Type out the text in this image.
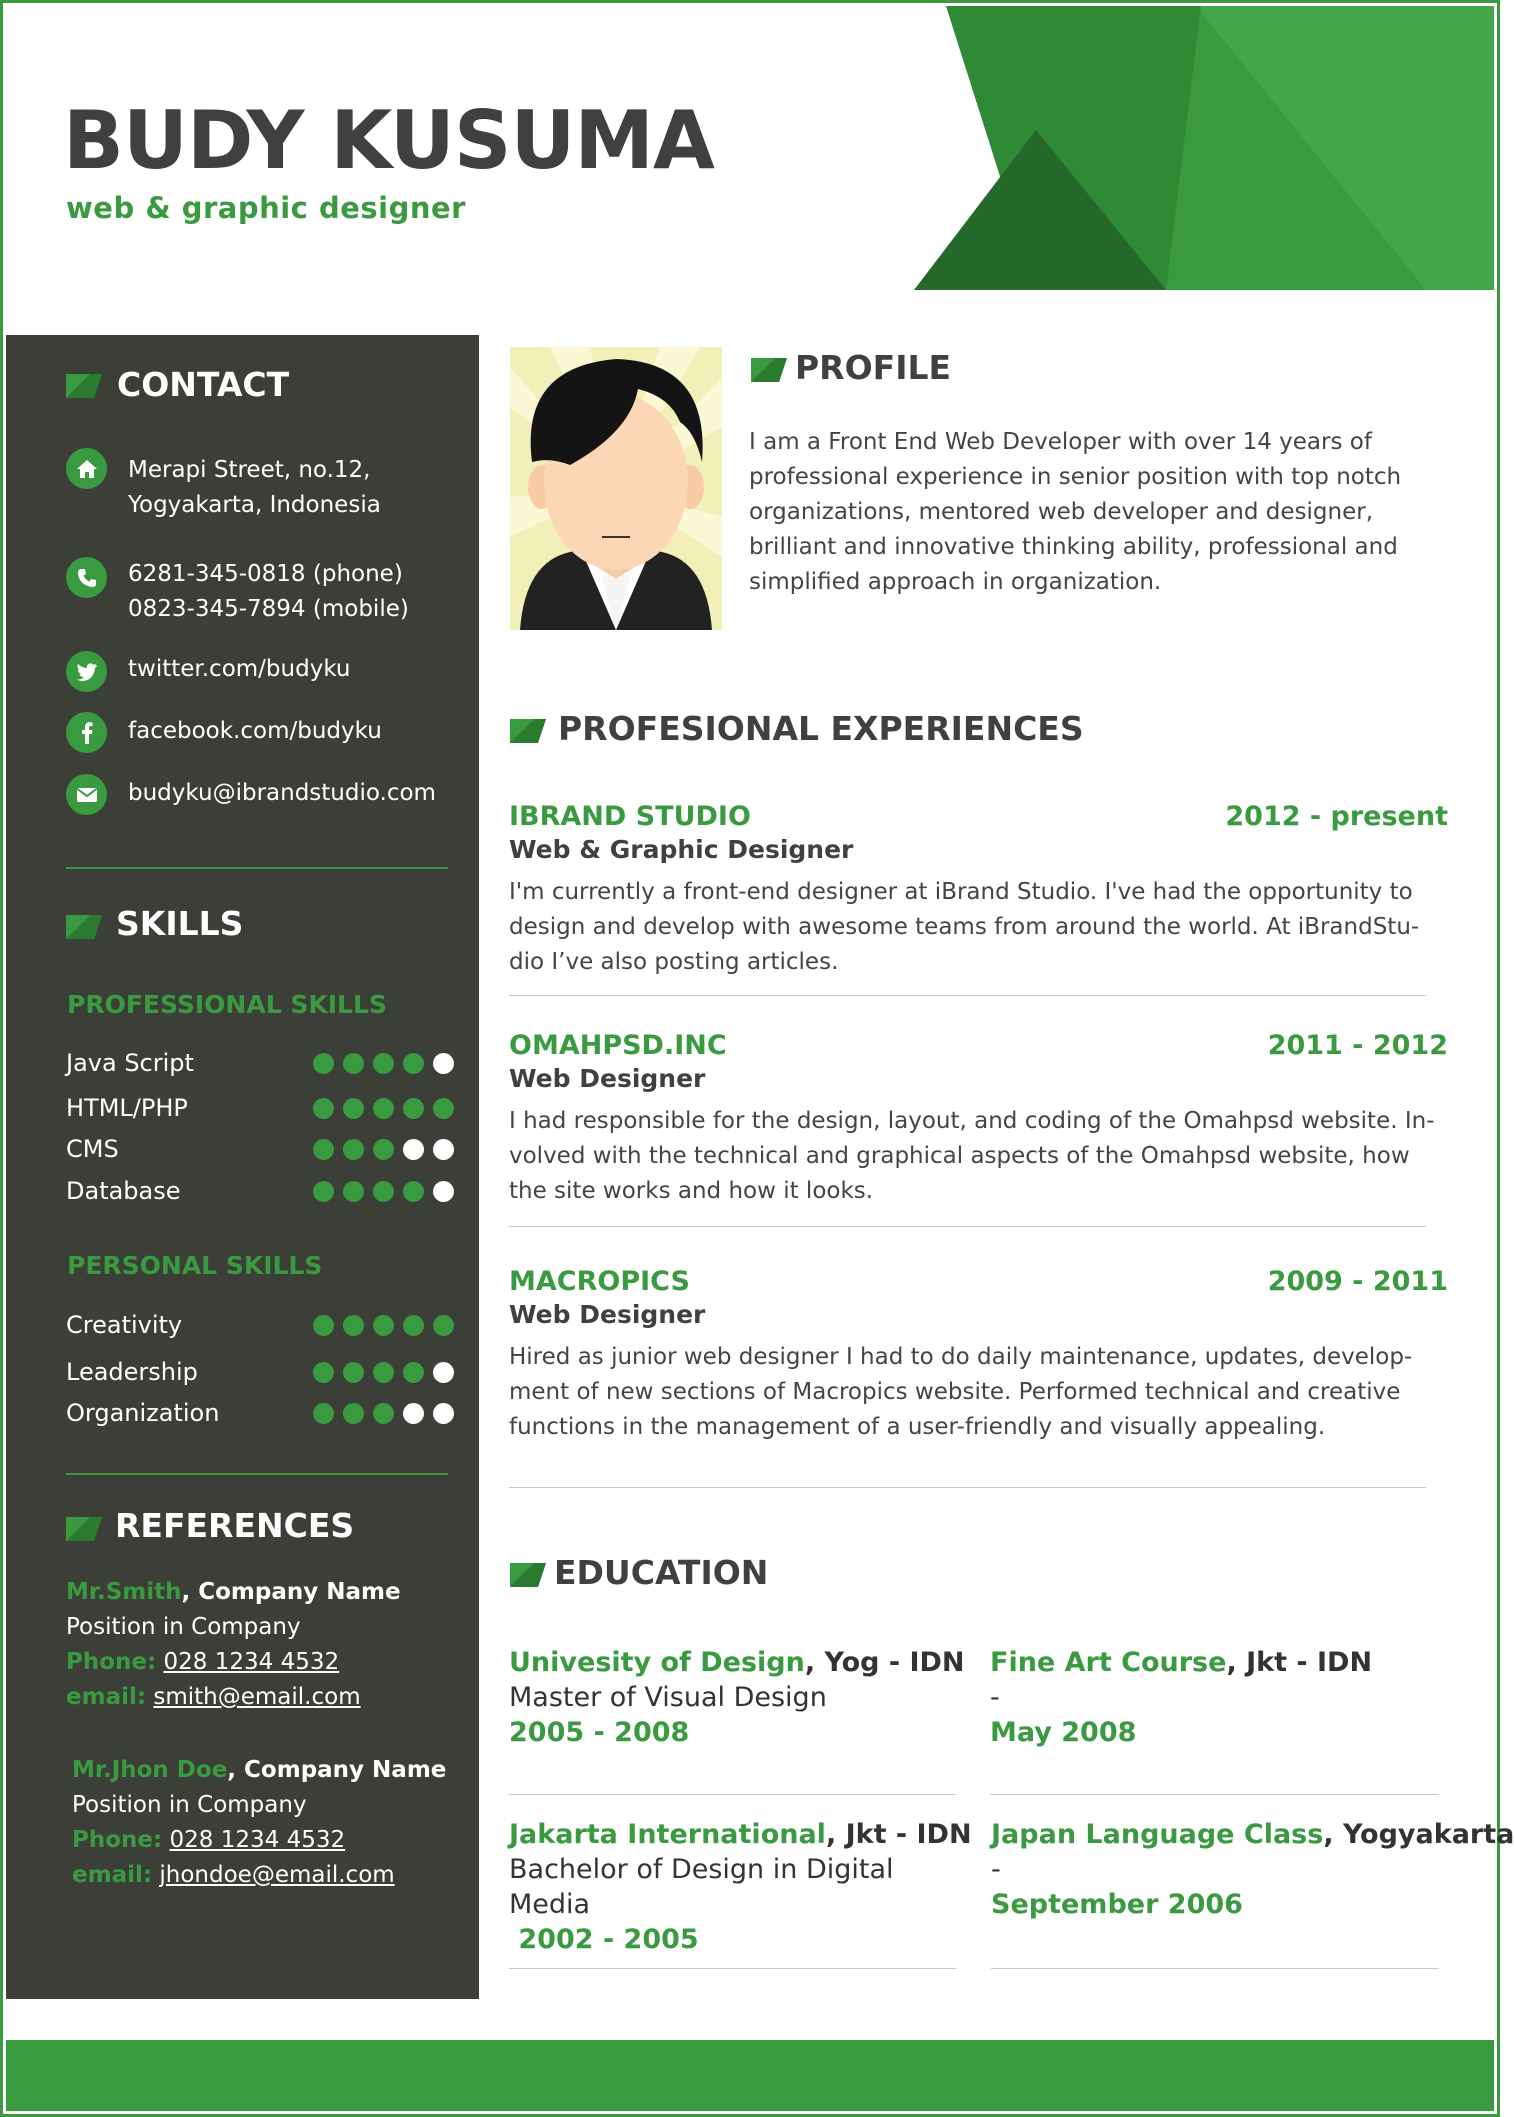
BUDY KUSUMA
web & graphic designer
CONTACT
Merapi Street, no.12,
Yogyakarta, Indonesia
6281-345-0818 (phone)
0823-345-7894 (mobile)
twitter.com/budyku
facebook.com/budyku
budyku@ibrandstudio.com
SKILLS
PROFESSIONAL SKILLS
Java Script
HTML/PHP
CMS
Database
PERSONAL SKILLS
Creativity
Leadership
Organization
REFERENCES
Mr.Smith, Company Name
Position in Company
Phone: 028 1234 4532
email: smith@email.com
Mr.Jhon Doe, Company Name
Position in Company
Phone: 028 1234 4532
email: jhondoe@email.com
PROFILE
I am a Front End Web Developer with over 14 years of
professional experience in senior position with top notch
organizations, mentored web developer and designer,
brilliant and innovative thinking ability, professional and
simplified approach in organization.
PROFESIONAL EXPERIENCES
IBRAND STUDIO	2012 - present
Web & Graphic Designer
I'm currently a front-end designer at iBrand Studio. I've had the opportunity to
design and develop with awesome teams from around the world. At iBrandStu-
dio I’ve also posting articles.
OMAHPSD.INC	2011 - 2012
Web Designer
I had responsible for the design, layout, and coding of the Omahpsd website. In-
volved with the technical and graphical aspects of the Omahpsd website, how
the site works and how it looks.
MACROPICS	2009 - 2011
Web Designer
Hired as junior web designer I had to do daily maintenance, updates, develop-
ment of new sections of Macropics website. Performed technical and creative
functions in the management of a user-friendly and visually appealing.
EDUCATION
Univesity of Design, Yog - IDN
Master of Visual Design
2005 - 2008
Fine Art Course, Jkt - IDN
-
May 2008
Jakarta International, Jkt - IDN
Bachelor of Design in Digital
Media
2002 - 2005
Japan Language Class, Yogyakarta
-
September 2006
